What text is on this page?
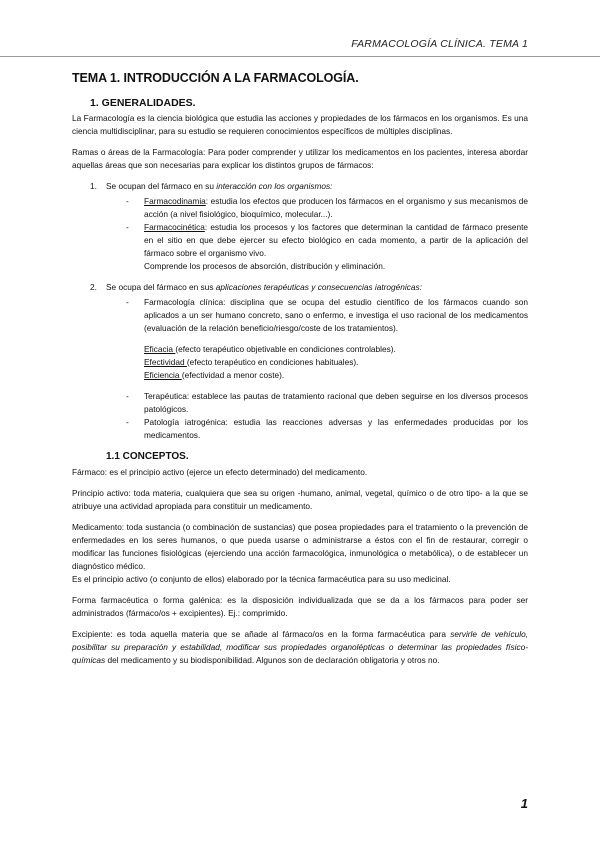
FARMACOLOGÍA CLÍNICA. TEMA 1
TEMA 1. INTRODUCCIÓN A LA FARMACOLOGÍA.
1. GENERALIDADES.

La Farmacología es la ciencia biológica que estudia las acciones y propiedades de los fármacos en los organismos. Es una ciencia multidisciplinar, para su estudio se requieren conocimientos específicos de múltiples disciplinas.

Ramas o áreas de la Farmacología: Para poder comprender y utilizar los medicamentos en los pacientes, interesa abordar aquellas áreas que son necesarias para explicar los distintos grupos de fármacos:

1. Se ocupan del fármaco en su interacción con los organismos:
- Farmacodinamia: estudia los efectos que producen los fármacos en el organismo y sus mecanismos de acción (a nivel fisiológico, bioquímico, molecular...).
- Farmacocinética: estudia los procesos y los factores que determinan la cantidad de fármaco presente en el sitio en que debe ejercer su efecto biológico en cada momento, a partir de la aplicación del fármaco sobre el organismo vivo.
Comprende los procesos de absorción, distribución y eliminación.
2. Se ocupa del fármaco en sus aplicaciones terapéuticas y consecuencias iatrogénicas:
- Farmacología clínica: disciplina que se ocupa del estudio científico de los fármacos cuando son aplicados a un ser humano concreto, sano o enfermo, e investiga el uso racional de los medicamentos (evaluación de la relación beneficio/riesgo/coste de los tratamientos).
Eficacia (efecto terapéutico objetivable en condiciones controlables).
Efectividad (efecto terapéutico en condiciones habituales).
Eficiencia (efectividad a menor coste).
- Terapéutica: establece las pautas de tratamiento racional que deben seguirse en los diversos procesos patológicos.
- Patología iatrogénica: estudia las reacciones adversas y las enfermedades producidas por los medicamentos.
1.1 CONCEPTOS.

Fármaco: es el principio activo (ejerce un efecto determinado) del medicamento.

Principio activo: toda materia, cualquiera que sea su origen -humano, animal, vegetal, químico o de otro tipo- a la que se atribuye una actividad apropiada para constituir un medicamento.

Medicamento: toda sustancia (o combinación de sustancias) que posea propiedades para el tratamiento o la prevención de enfermedades en los seres humanos, o que pueda usarse o administrarse a éstos con el fin de restaurar, corregir o modificar las funciones fisiológicas (ejerciendo una acción farmacológica, inmunológica o metabólica), o de establecer un diagnóstico médico.

Es el principio activo (o conjunto de ellos) elaborado por la técnica farmacéutica para su uso medicinal.

Forma farmacéutica o forma galénica: es la disposición individualizada que se da a los fármacos para poder ser administrados (fármaco/os + excipientes). Ej.: comprimido.

Excipiente: es toda aquella materia que se añade al fármaco/os en la forma farmacéutica para servirle de vehículo, posibilitar su preparación y estabilidad, modificar sus propiedades organolépticas o determinar las propiedades físico-químicas del medicamento y su biodisponibilidad. Algunos son de declaración obligatoria y otros no.

1
